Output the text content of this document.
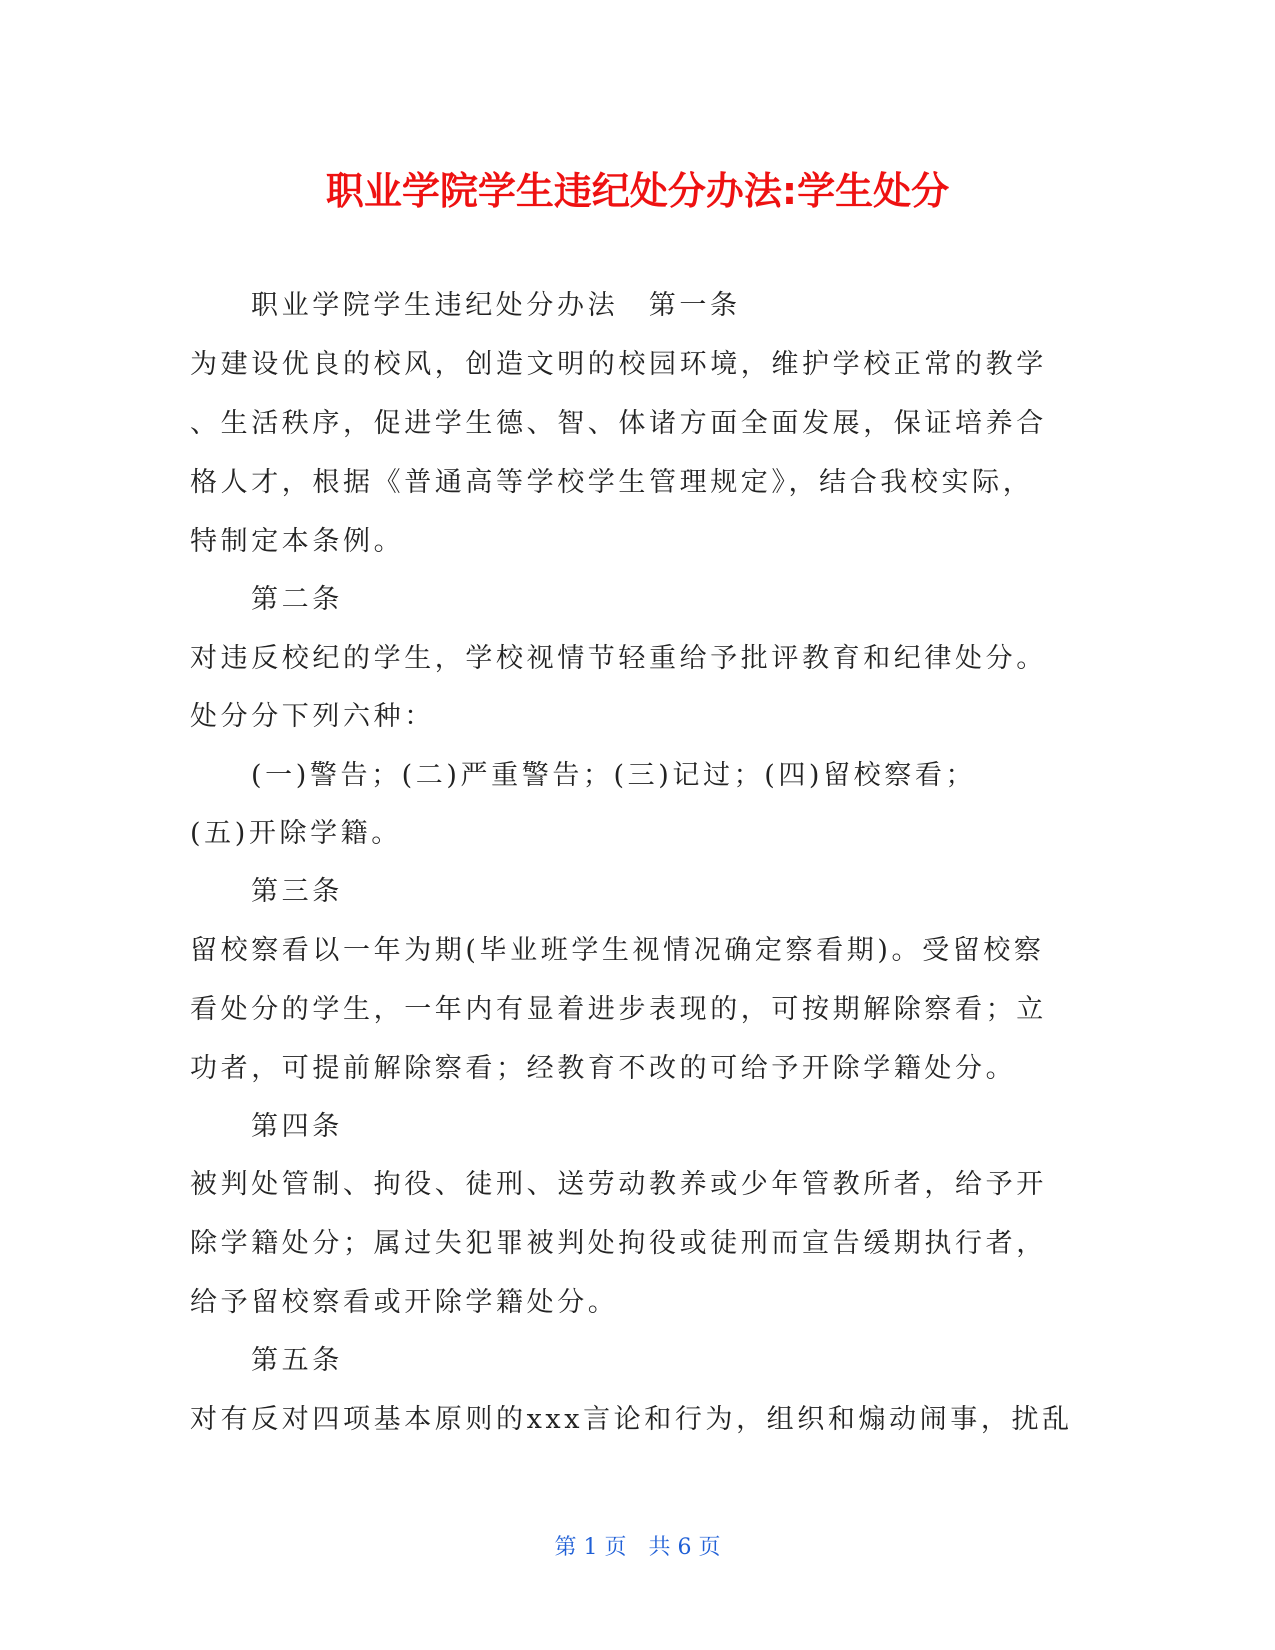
职业学院学生违纪处分办法:学生处分
职业学院学生违纪处分办法　第一条
为建设优良的校风，创造文明的校园环境，维护学校正常的教学
、生活秩序，促进学生德、智、体诸方面全面发展，保证培养合
格人才，根据《普通高等学校学生管理规定》，结合我校实际，
特制定本条例。
第二条
对违反校纪的学生，学校视情节轻重给予批评教育和纪律处分。
处分分下列六种：
(一)警告；(二)严重警告；(三)记过；(四)留校察看；
(五)开除学籍。
第三条
留校察看以一年为期(毕业班学生视情况确定察看期)。受留校察
看处分的学生，一年内有显着进步表现的，可按期解除察看；立
功者，可提前解除察看；经教育不改的可给予开除学籍处分。
第四条
被判处管制、拘役、徒刑、送劳动教养或少年管教所者，给予开
除学籍处分；属过失犯罪被判处拘役或徒刑而宣告缓期执行者，
给予留校察看或开除学籍处分。
第五条
对有反对四项基本原则的xxx言论和行为，组织和煽动闹事，扰乱
第 1 页　共 6 页
